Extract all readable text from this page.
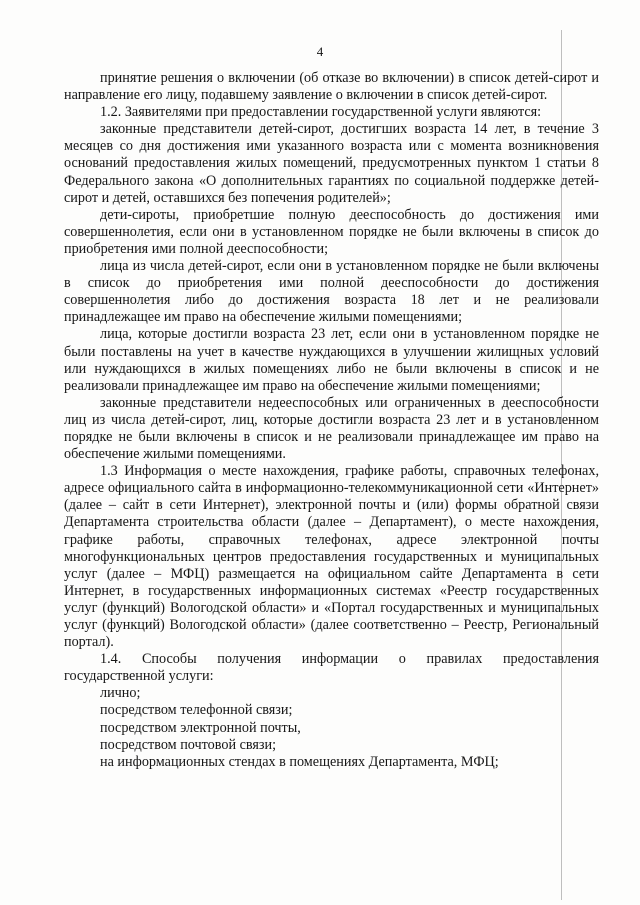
4

принятие решения о включении (об отказе во включении) в список детей-сирот и направление его лицу, подавшему заявление о включении в список детей-сирот.

1.2. Заявителями при предоставлении государственной услуги являются:

законные представители детей-сирот, достигших возраста 14 лет, в течение 3 месяцев со дня достижения ими указанного возраста или с момента возникновения оснований предоставления жилых помещений, предусмотренных пунктом 1 статьи 8 Федерального закона «О дополнительных гарантиях по социальной поддержке детей-сирот и детей, оставшихся без попечения родителей»;

дети-сироты, приобретшие полную дееспособность до достижения ими совершеннолетия, если они в установленном порядке не были включены в список до приобретения ими полной дееспособности;

лица из числа детей-сирот, если они в установленном порядке не были включены в список до приобретения ими полной дееспособности до достижения совершеннолетия либо до достижения возраста 18 лет и не реализовали принадлежащее им право на обеспечение жилыми помещениями;

лица, которые достигли возраста 23 лет, если они в установленном порядке не были поставлены на учет в качестве нуждающихся в улучшении жилищных условий или нуждающихся в жилых помещениях либо не были включены в список и не реализовали принадлежащее им право на обеспечение жилыми помещениями;

законные представители недееспособных или ограниченных в дееспособности лиц из числа детей-сирот, лиц, которые достигли возраста 23 лет и в установленном порядке не были включены в список и не реализовали принадлежащее им право на обеспечение жилыми помещениями.

1.3 Информация о месте нахождения, графике работы, справочных телефонах, адресе официального сайта в информационно-телекоммуникационной сети «Интернет» (далее – сайт в сети Интернет), электронной почты и (или) формы обратной связи Департамента строительства области (далее – Департамент), о месте нахождения, графике работы, справочных телефонах, адресе электронной почты многофункциональных центров предоставления государственных и муниципальных услуг (далее – МФЦ) размещается на официальном сайте Департамента в сети Интернет, в государственных информационных системах «Реестр государственных услуг (функций) Вологодской области» и «Портал государственных и муниципальных услуг (функций) Вологодской области» (далее соответственно – Реестр, Региональный портал).

1.4. Способы получения информации о правилах предоставления государственной услуги:

лично;

посредством телефонной связи;

посредством электронной почты,

посредством почтовой связи;

на информационных стендах в помещениях Департамента, МФЦ;
